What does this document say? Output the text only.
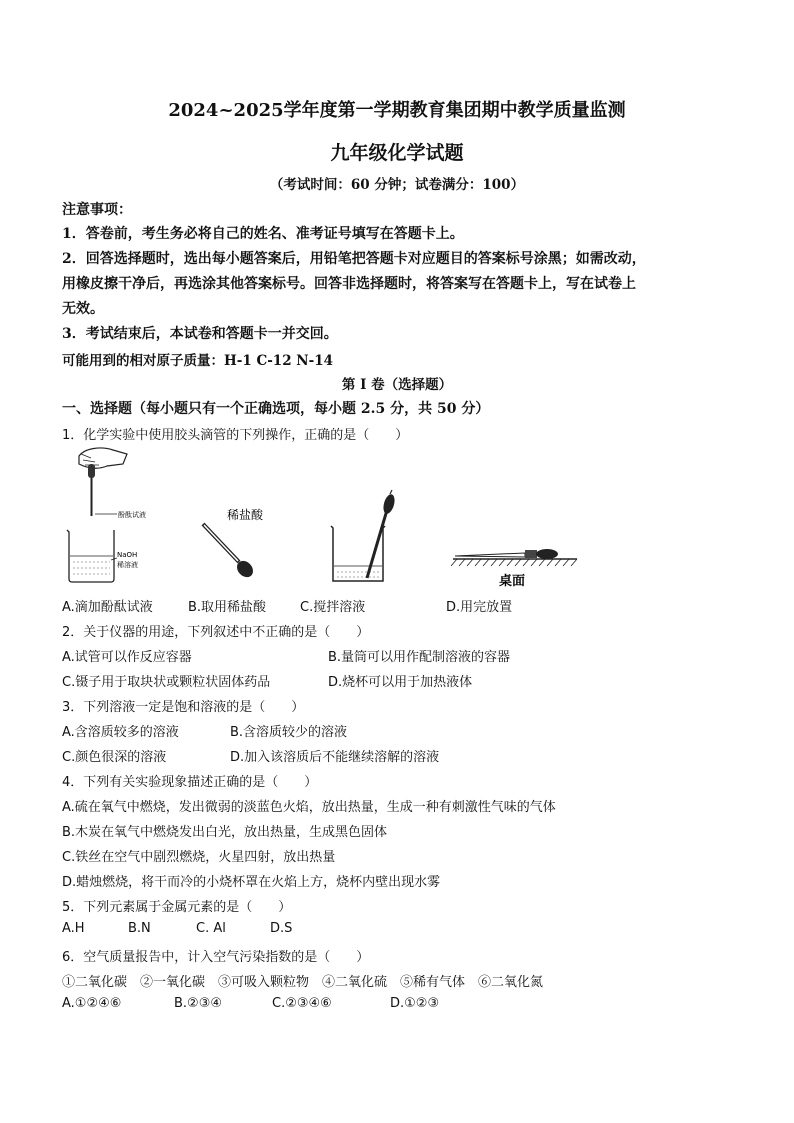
2024~2025学年度第一学期教育集团期中教学质量监测
九年级化学试题
（考试时间：60 分钟；试卷满分：100）
注意事项：
1．答卷前，考生务必将自己的姓名、准考证号填写在答题卡上。
2．回答选择题时，选出每小题答案后，用铅笔把答题卡对应题目的答案标号涂黑；如需改动，
用橡皮擦干净后，再选涂其他答案标号。回答非选择题时，将答案写在答题卡上，写在试卷上
无效。
3．考试结束后，本试卷和答题卡一并交回。
可能用到的相对原子质量：H-1 C-12 N-14
第 I 卷（选择题）
一、选择题（每小题只有一个正确选项，每小题 2.5 分，共 50 分）
1．化学实验中使用胶头滴管的下列操作，正确的是（　　）
酚酞试液
NaOH
稀溶液
稀盐酸
桌面
A.滴加酚酞试液	B.取用稀盐酸	C.搅拌溶液	D.用完放置
2．关于仪器的用途，下列叙述中不正确的是（　　）
A.试管可以作反应容器	B.量筒可以用作配制溶液的容器
C.镊子用于取块状或颗粒状固体药品	D.烧杯可以用于加热液体
3．下列溶液一定是饱和溶液的是（　　）
A.含溶质较多的溶液	B.含溶质较少的溶液
C.颜色很深的溶液	D.加入该溶质后不能继续溶解的溶液
4．下列有关实验现象描述正确的是（　　）
A.硫在氧气中燃烧，发出微弱的淡蓝色火焰，放出热量，生成一种有刺激性气味的气体
B.木炭在氧气中燃烧发出白光，放出热量，生成黑色固体
C.铁丝在空气中剧烈燃烧，火星四射，放出热量
D.蜡烛燃烧，将干而冷的小烧杯罩在火焰上方，烧杯内壁出现水雾
5．下列元素属于金属元素的是（　　）
A.H	B.N	C. Al	D.S
6．空气质量报告中，计入空气污染指数的是（　　）
①二氧化碳　②一氧化碳　③可吸入颗粒物　④二氧化硫　⑤稀有气体　⑥二氧化氮
A.①②④⑥	B.②③④	C.②③④⑥	D.①②③
